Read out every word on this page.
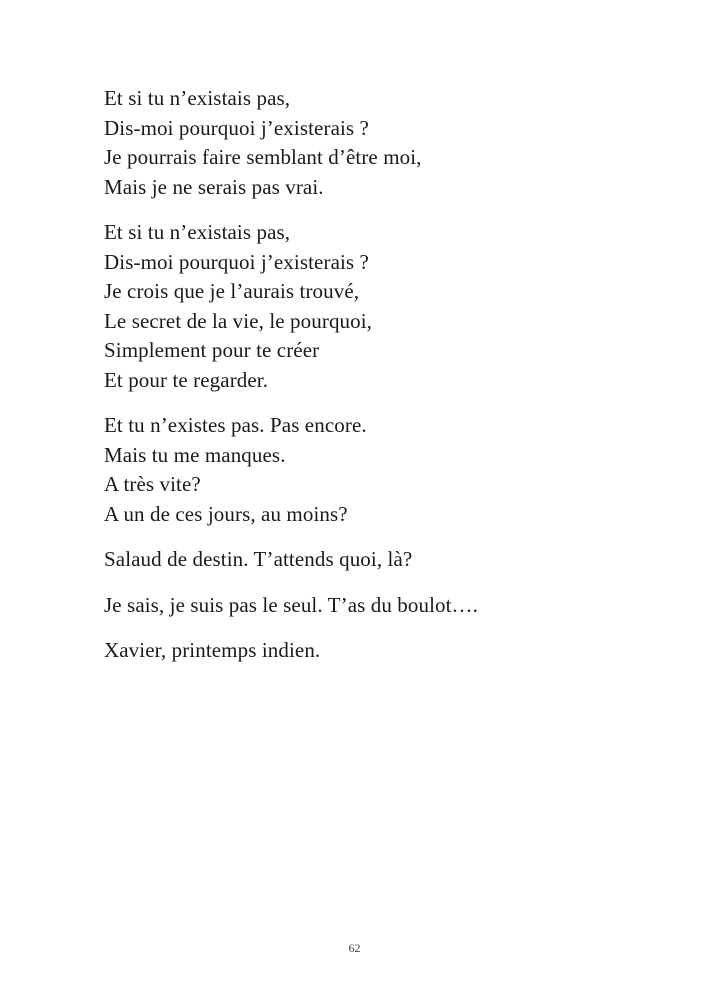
Et si tu n’existais pas,
Dis-moi pourquoi j’existerais ?
Je pourrais faire semblant d’être moi,
Mais je ne serais pas vrai.
Et si tu n’existais pas,
Dis-moi pourquoi j’existerais ?
Je crois que je l’aurais trouvé,
Le secret de la vie, le pourquoi,
Simplement pour te créer
Et pour te regarder.
Et tu n’existes pas. Pas encore.
Mais tu me manques.
A très vite?
A un de ces jours, au moins?
Salaud de destin. T’attends quoi, là?
Je sais, je suis pas le seul. T’as du boulot….
Xavier, printemps indien.
62
